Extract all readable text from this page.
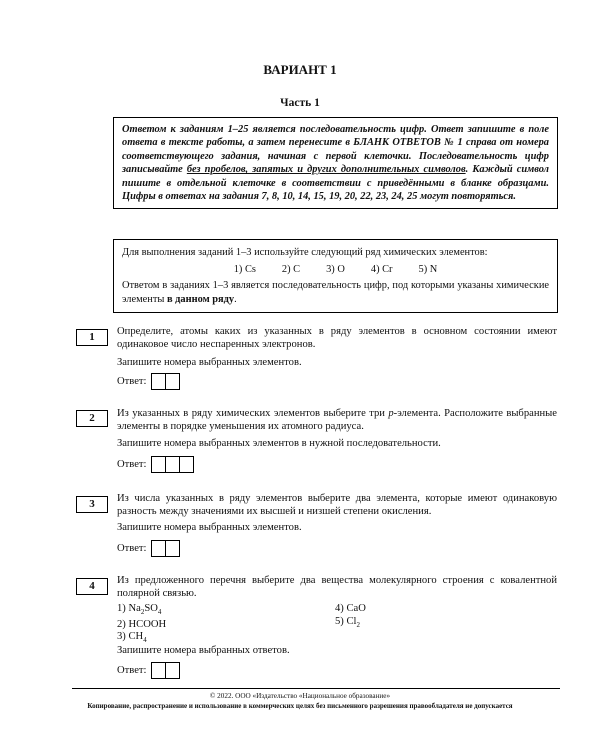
ВАРИАНТ 1
Часть 1
Ответом к заданиям 1–25 является последовательность цифр. Ответ запишите в поле ответа в тексте работы, а затем перенесите в БЛАНК ОТВЕТОВ № 1 справа от номера соответствующего задания, начиная с первой клеточки. Последовательность цифр записывайте без пробелов, запятых и других дополнительных символов. Каждый символ пишите в отдельной клеточке в соответствии с приведёнными в бланке образцами. Цифры в ответах на задания 7, 8, 10, 14, 15, 19, 20, 22, 23, 24, 25 могут повторяться.
Для выполнения заданий 1–3 используйте следующий ряд химических элементов:
1) Cs	2) C	3) O	4) Cr	5) N
Ответом в заданиях 1–3 является последовательность цифр, под которыми указаны химические элементы в данном ряду.
1	Определите, атомы каких из указанных в ряду элементов в основном состоянии имеют одинаковое число неспаренных электронов.
Запишите номера выбранных элементов.
Ответ:
2	Из указанных в ряду химических элементов выберите три p-элемента. Расположите выбранные элементы в порядке уменьшения их атомного радиуса.
Запишите номера выбранных элементов в нужной последовательности.
Ответ:
3	Из числа указанных в ряду элементов выберите два элемента, которые имеют одинаковую разность между значениями их высшей и низшей степени окисления.
Запишите номера выбранных элементов.
Ответ:
4	Из предложенного перечня выберите два вещества молекулярного строения с ковалентной полярной связью.
1) $Na_2SO_4$
2) HCOOH
3) $CH_4$
4) CaO
5) $Cl_2$
Запишите номера выбранных ответов.
Ответ:
© 2022. ООО «Издательство «Национальное образование»
Копирование, распространение и использование в коммерческих целях без письменного разрешения правообладателя не допускается
